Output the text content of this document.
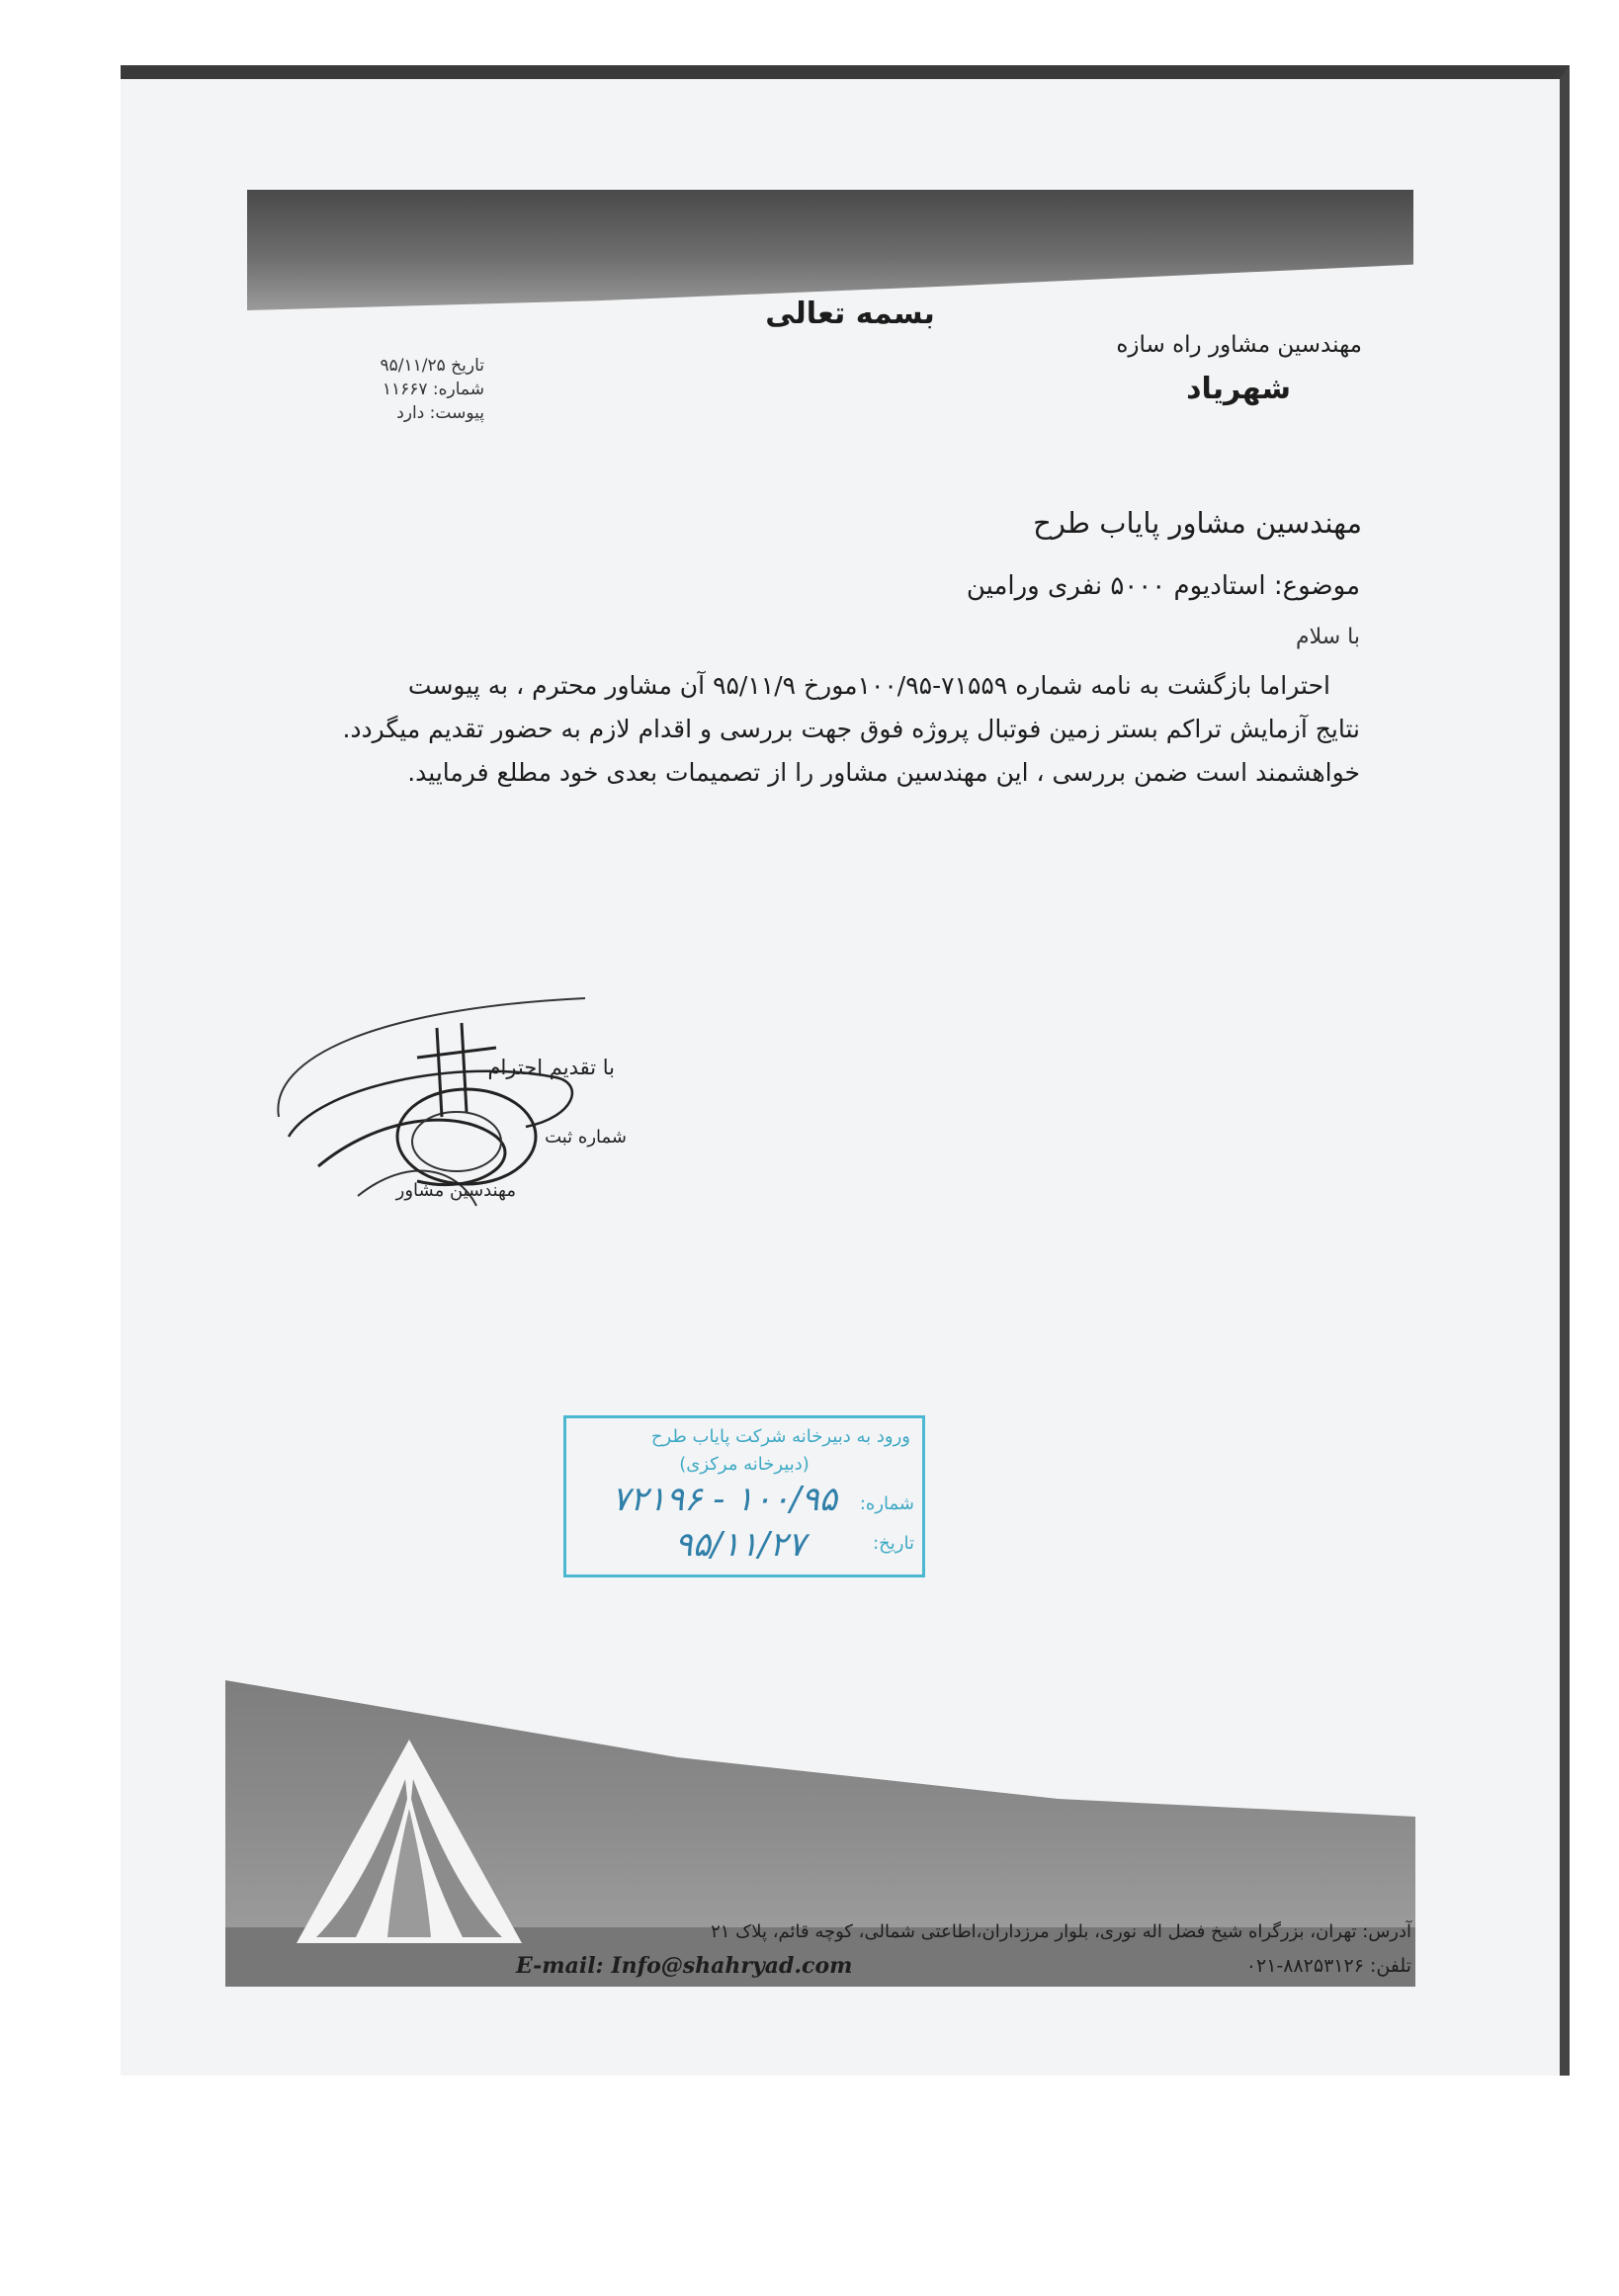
بسمه تعالی
مهندسین مشاور راه سازه
شهریاد
تاریخ ۹۵/۱۱/۲۵
شماره: ۱۱۶۶۷
پیوست: دارد
مهندسین مشاور پایاب طرح
موضوع: استادیوم ۵۰۰۰ نفری ورامین
با سلام

احتراما بازگشت به نامه شماره ۷۱۵۵۹-۱۰۰/۹۵مورخ ۹۵/۱۱/۹ آن مشاور محترم ، به پیوست

نتایج آزمایش تراکم بستر زمین فوتبال پروژه فوق جهت بررسی و اقدام لازم به حضور تقدیم میگردد.

خواهشمند است ضمن بررسی ، این مهندسین مشاور را از تصمیمات بعدی خود مطلع فرمایید.

با تقدیم احترام
شماره ثبت
مهندسین مشاور
ورود به دبیرخانه شرکت پایاب طرح
(دبیرخانه مرکزی)
شماره:
تاریخ:
۱۰۰/۹۵ - ۷۲۱۹۶
۹۵/۱۱/۲۷
آدرس: تهران، بزرگراه شیخ فضل اله نوری، بلوار مرزداران،اطاعتی شمالی، کوچه قائم، پلاک ۲۱
E-mail: Info@shahryad.com	تلفن: ۸۸۲۵۳۱۲۶-۰۲۱
